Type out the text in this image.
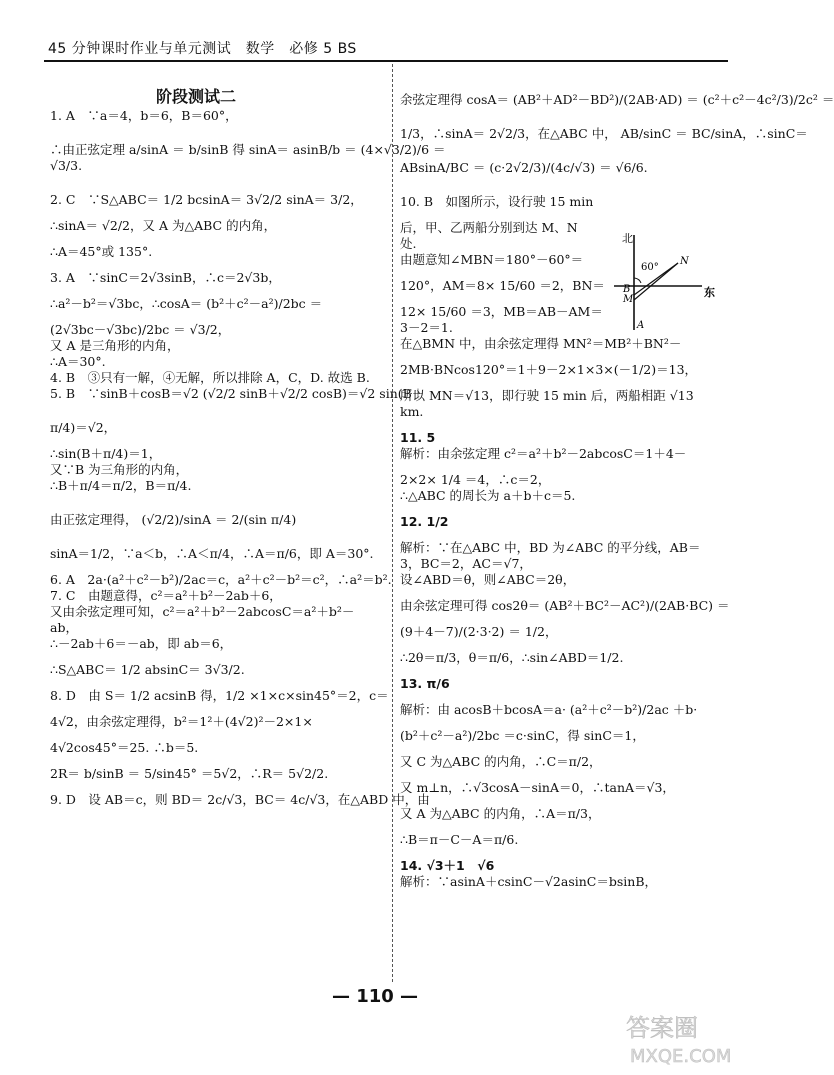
45 分钟课时作业与单元测试　数学　必修 5 BS
阶段测试二
1. A　∵a＝4，b＝6，B＝60°，
∴由正弦定理 a/sinA ＝ b/sinB 得 sinA＝ asinB/b ＝ (4×√3/2)/6 ＝
√3/3.
2. C　∵S△ABC＝ 1/2 bcsinA＝ 3√2/2 sinA＝ 3/2，
∴sinA＝ √2/2，又 A 为△ABC 的内角，
∴A＝45°或 135°.
3. A　∵sinC＝2√3sinB，∴c＝2√3b，
∴a²－b²＝√3bc，∴cosA＝ (b²＋c²－a²)/2bc ＝
(2√3bc－√3bc)/2bc ＝ √3/2，
又 A 是三角形的内角，
∴A＝30°.
4. B　③只有一解，④无解，所以排除 A，C，D. 故选 B.
5. B　∵sinB＋cosB＝√2 (√2/2 sinB＋√2/2 cosB)＝√2 sin(B＋
π/4)＝√2，
∴sin(B＋π/4)＝1，
又∵B 为三角形的内角，
∴B＋π/4＝π/2，B＝π/4.
由正弦定理得， (√2/2)/sinA ＝ 2/(sin π/4)
sinA＝1/2，∵a＜b，∴A＜π/4，∴A＝π/6，即 A＝30°.
6. A　2a·(a²＋c²－b²)/2ac＝c，a²＋c²－b²＝c²，∴a²＝b².
7. C　由题意得，c²＝a²＋b²－2ab＋6，
又由余弦定理可知，c²＝a²＋b²－2abcosC＝a²＋b²－
ab，
∴－2ab＋6＝－ab，即 ab＝6，
∴S△ABC＝ 1/2 absinC＝ 3√3/2.
8. D　由 S＝ 1/2 acsinB 得，1/2 ×1×c×sin45°＝2，c＝
4√2，由余弦定理得，b²＝1²＋(4√2)²－2×1×
4√2cos45°＝25. ∴b＝5.
2R＝ b/sinB ＝ 5/sin45° ＝5√2，∴R＝ 5√2/2.
9. D　设 AB＝c，则 BD＝ 2c/√3，BC＝ 4c/√3，在△ABD 中，由
余弦定理得 cosA＝ (AB²＋AD²－BD²)/(2AB·AD) ＝ (c²＋c²－4c²/3)/2c² ＝
1/3，∴sinA＝ 2√2/3，在△ABC 中， AB/sinC ＝ BC/sinA，∴sinC＝
ABsinA/BC ＝ (c·2√2/3)/(4c/√3) ＝ √6/6.
10. B　如图所示，设行驶 15 min
后，甲、乙两船分别到达 M、N
处.
由题意知∠MBN＝180°－60°＝
120°，AM＝8× 15/60 ＝2，BN＝
12× 15/60 ＝3，MB＝AB－AM＝
3－2＝1.
在△BMN 中，由余弦定理得 MN²＝MB²＋BN²－
2MB·BNcos120°＝1＋9－2×1×3×(－1/2)＝13，
所以 MN＝√13，即行驶 15 min 后，两船相距 √13
km.
11. 5
解析：由余弦定理 c²＝a²＋b²－2abcosC＝1＋4－
2×2× 1/4 ＝4，∴c＝2，
∴△ABC 的周长为 a＋b＋c＝5.
12. 1/2
解析：∵在△ABC 中，BD 为∠ABC 的平分线，AB＝
3，BC＝2，AC＝√7，
设∠ABD＝θ，则∠ABC＝2θ，
由余弦定理可得 cos2θ＝ (AB²＋BC²－AC²)/(2AB·BC) ＝
(9＋4－7)/(2·3·2) ＝ 1/2，
∴2θ＝π/3，θ＝π/6，∴sin∠ABD＝1/2.
13. π/6
解析：由 acosB＋bcosA＝a· (a²＋c²－b²)/2ac ＋b·
(b²＋c²－a²)/2bc ＝c·sinC，得 sinC＝1，
又 C 为△ABC 的内角，∴C＝π/2，
又 m⊥n，∴√3cosA－sinA＝0，∴tanA＝√3，
又 A 为△ABC 的内角，∴A＝π/3，
∴B＝π－C－A＝π/6.
14. √3＋1　√6
解析：∵asinA＋csinC－√2asinC＝bsinB，
北
东
60°
N
B
M
A
— 110 —
答案圈
MXQE.COM
